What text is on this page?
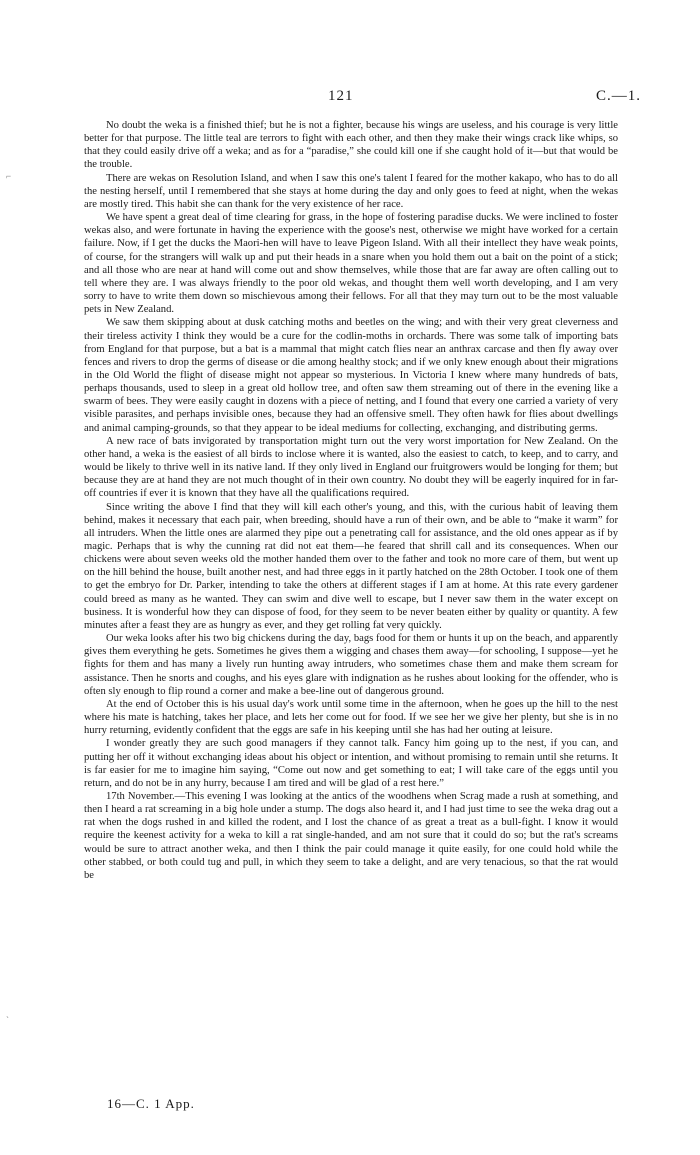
121	C.—1.
⌐
`

No doubt the weka is a finished thief; but he is not a fighter, because his wings are useless, and his courage is very little better for that purpose. The little teal are terrors to fight with each other, and then they make their wings crack like whips, so that they could easily drive off a weka; and as for a “paradise,” she could kill one if she caught hold of it—but that would be the trouble.

There are wekas on Resolution Island, and when I saw this one's talent I feared for the mother kakapo, who has to do all the nesting herself, until I remembered that she stays at home during the day and only goes to feed at night, when the wekas are mostly tired. This habit she can thank for the very existence of her race.

We have spent a great deal of time clearing for grass, in the hope of fostering paradise ducks. We were inclined to foster wekas also, and were fortunate in having the experience with the goose's nest, otherwise we might have worked for a certain failure. Now, if I get the ducks the Maori-hen will have to leave Pigeon Island. With all their intellect they have weak points, of course, for the strangers will walk up and put their heads in a snare when you hold them out a bait on the point of a stick; and all those who are near at hand will come out and show themselves, while those that are far away are often calling out to tell where they are. I was always friendly to the poor old wekas, and thought them well worth developing, and I am very sorry to have to write them down so mischievous among their fellows. For all that they may turn out to be the most valuable pets in New Zealand.

We saw them skipping about at dusk catching moths and beetles on the wing; and with their very great cleverness and their tireless activity I think they would be a cure for the codlin-moths in orchards. There was some talk of importing bats from England for that purpose, but a bat is a mammal that might catch flies near an anthrax carcase and then fly away over fences and rivers to drop the germs of disease or die among healthy stock; and if we only knew enough about their migrations in the Old World the flight of disease might not appear so mysterious. In Victoria I knew where many hundreds of bats, perhaps thousands, used to sleep in a great old hollow tree, and often saw them streaming out of there in the evening like a swarm of bees. They were easily caught in dozens with a piece of netting, and I found that every one carried a variety of very visible parasites, and perhaps invisible ones, because they had an offensive smell. They often hawk for flies about dwellings and animal camping-grounds, so that they appear to be ideal mediums for collecting, exchanging, and distributing germs.

A new race of bats invigorated by transportation might turn out the very worst importation for New Zealand. On the other hand, a weka is the easiest of all birds to inclose where it is wanted, also the easiest to catch, to keep, and to carry, and would be likely to thrive well in its native land. If they only lived in England our fruitgrowers would be longing for them; but because they are at hand they are not much thought of in their own country. No doubt they will be eagerly inquired for in far-off countries if ever it is known that they have all the qualifications required.

Since writing the above I find that they will kill each other's young, and this, with the curious habit of leaving them behind, makes it necessary that each pair, when breeding, should have a run of their own, and be able to “make it warm” for all intruders. When the little ones are alarmed they pipe out a penetrating call for assistance, and the old ones appear as if by magic. Perhaps that is why the cunning rat did not eat them—he feared that shrill call and its consequences. When our chickens were about seven weeks old the mother handed them over to the father and took no more care of them, but went up on the hill behind the house, built another nest, and had three eggs in it partly hatched on the 28th October. I took one of them to get the embryo for Dr. Parker, intending to take the others at different stages if I am at home. At this rate every gardener could breed as many as he wanted. They can swim and dive well to escape, but I never saw them in the water except on business. It is wonderful how they can dispose of food, for they seem to be never beaten either by quality or quantity. A few minutes after a feast they are as hungry as ever, and they get rolling fat very quickly.

Our weka looks after his two big chickens during the day, bags food for them or hunts it up on the beach, and apparently gives them everything he gets. Sometimes he gives them a wigging and chases them away—for schooling, I suppose—yet he fights for them and has many a lively run hunting away intruders, who sometimes chase them and make them scream for assistance. Then he snorts and coughs, and his eyes glare with indignation as he rushes about looking for the offender, who is often sly enough to flip round a corner and make a bee-line out of dangerous ground.

At the end of October this is his usual day's work until some time in the afternoon, when he goes up the hill to the nest where his mate is hatching, takes her place, and lets her come out for food. If we see her we give her plenty, but she is in no hurry returning, evidently confident that the eggs are safe in his keeping until she has had her outing at leisure.

I wonder greatly they are such good managers if they cannot talk. Fancy him going up to the nest, if you can, and putting her off it without exchanging ideas about his object or intention, and without promising to remain until she returns. It is far easier for me to imagine him saying, “Come out now and get something to eat; I will take care of the eggs until you return, and do not be in any hurry, because I am tired and will be glad of a rest here.”

17th November.—This evening I was looking at the antics of the woodhens when Scrag made a rush at something, and then I heard a rat screaming in a big hole under a stump. The dogs also heard it, and I had just time to see the weka drag out a rat when the dogs rushed in and killed the rodent, and I lost the chance of as great a treat as a bull-fight. I know it would require the keenest activity for a weka to kill a rat single-handed, and am not sure that it could do so; but the rat's screams would be sure to attract another weka, and then I think the pair could manage it quite easily, for one could hold while the other stabbed, or both could tug and pull, in which they seem to take a delight, and are very tenacious, so that the rat would be

16—C. 1 App.
